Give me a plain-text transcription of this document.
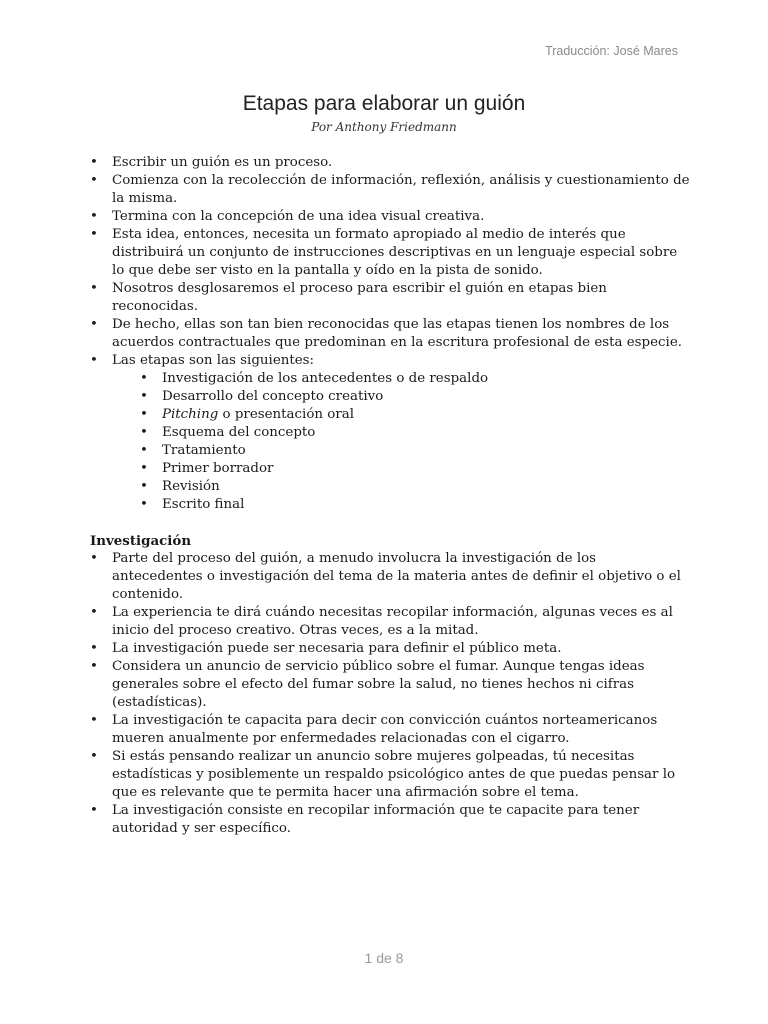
Traducción: José Mares
Etapas para elaborar un guión
Por Anthony Friedmann
• Escribir un guión es un proceso.
• Comienza con la recolección de información, reflexión, análisis y cuestionamiento de la misma.
• Termina con la concepción de una idea visual creativa.
• Esta idea, entonces, necesita un formato apropiado al medio de interés que distribuirá un conjunto de instrucciones descriptivas en un lenguaje especial sobre lo que debe ser visto en la pantalla y oído en la pista de sonido.
• Nosotros desglosaremos el proceso para escribir el guión en etapas bien reconocidas.
• De hecho, ellas son tan bien reconocidas que las etapas tienen los nombres de los acuerdos contractuales que predominan en la escritura profesional de esta especie.
• Las etapas son las siguientes:
• Investigación de los antecedentes o de respaldo
• Desarrollo del concepto creativo
• Pitching o presentación oral
• Esquema del concepto
• Tratamiento
• Primer borrador
• Revisión
• Escrito final
Investigación
• Parte del proceso del guión, a menudo involucra la investigación de los antecedentes o investigación del tema de la materia antes de definir el objetivo o el contenido.
• La experiencia te dirá cuándo necesitas recopilar información, algunas veces es al inicio del proceso creativo. Otras veces, es a la mitad.
• La investigación puede ser necesaria para definir el público meta.
• Considera un anuncio de servicio público sobre el fumar. Aunque tengas ideas generales sobre el efecto del fumar sobre la salud, no tienes hechos ni cifras (estadísticas).
• La investigación te capacita para decir con convicción cuántos norteamericanos mueren anualmente por enfermedades relacionadas con el cigarro.
• Si estás pensando realizar un anuncio sobre mujeres golpeadas, tú necesitas estadísticas y posiblemente un respaldo psicológico antes de que puedas pensar lo que es relevante que te permita hacer una afirmación sobre el tema.
• La investigación consiste en recopilar información que te capacite para tener autoridad y ser específico.
1 de 8
